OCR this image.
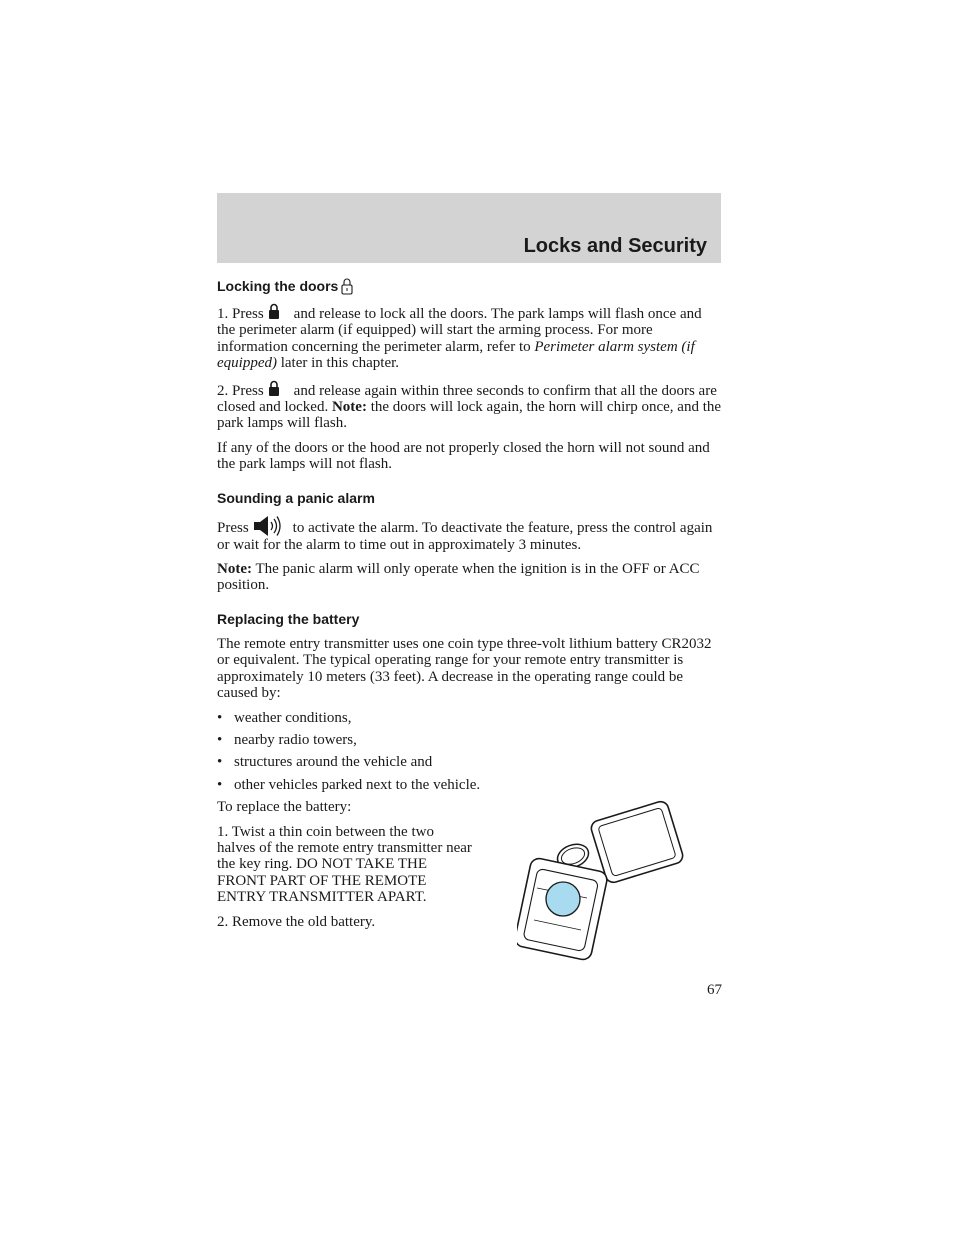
Locks and Security
Locking the doors

1. Press and release to lock all the doors. The park lamps will flash once and the perimeter alarm (if equipped) will start the arming process. For more information concerning the perimeter alarm, refer to Perimeter alarm system (if equipped) later in this chapter.

2. Press and release again within three seconds to confirm that all the doors are closed and locked. Note: the doors will lock again, the horn will chirp once, and the park lamps will flash.

If any of the doors or the hood are not properly closed the horn will not sound and the park lamps will not flash.

Sounding a panic alarm

Press	to activate the alarm. To deactivate the feature, press the control again or wait for the alarm to time out in approximately 3 minutes.

Note: The panic alarm will only operate when the ignition is in the OFF or ACC position.

Replacing the battery

The remote entry transmitter uses one coin type three-volt lithium battery CR2032 or equivalent. The typical operating range for your remote entry transmitter is approximately 10 meters (33 feet). A decrease in the operating range could be caused by:

• weather conditions,
• nearby radio towers,
• structures around the vehicle and
• other vehicles parked next to the vehicle.

To replace the battery:

1. Twist a thin coin between the two halves of the remote entry transmitter near the key ring. DO NOT TAKE THE FRONT PART OF THE REMOTE ENTRY TRANSMITTER APART.

2. Remove the old battery.

67
